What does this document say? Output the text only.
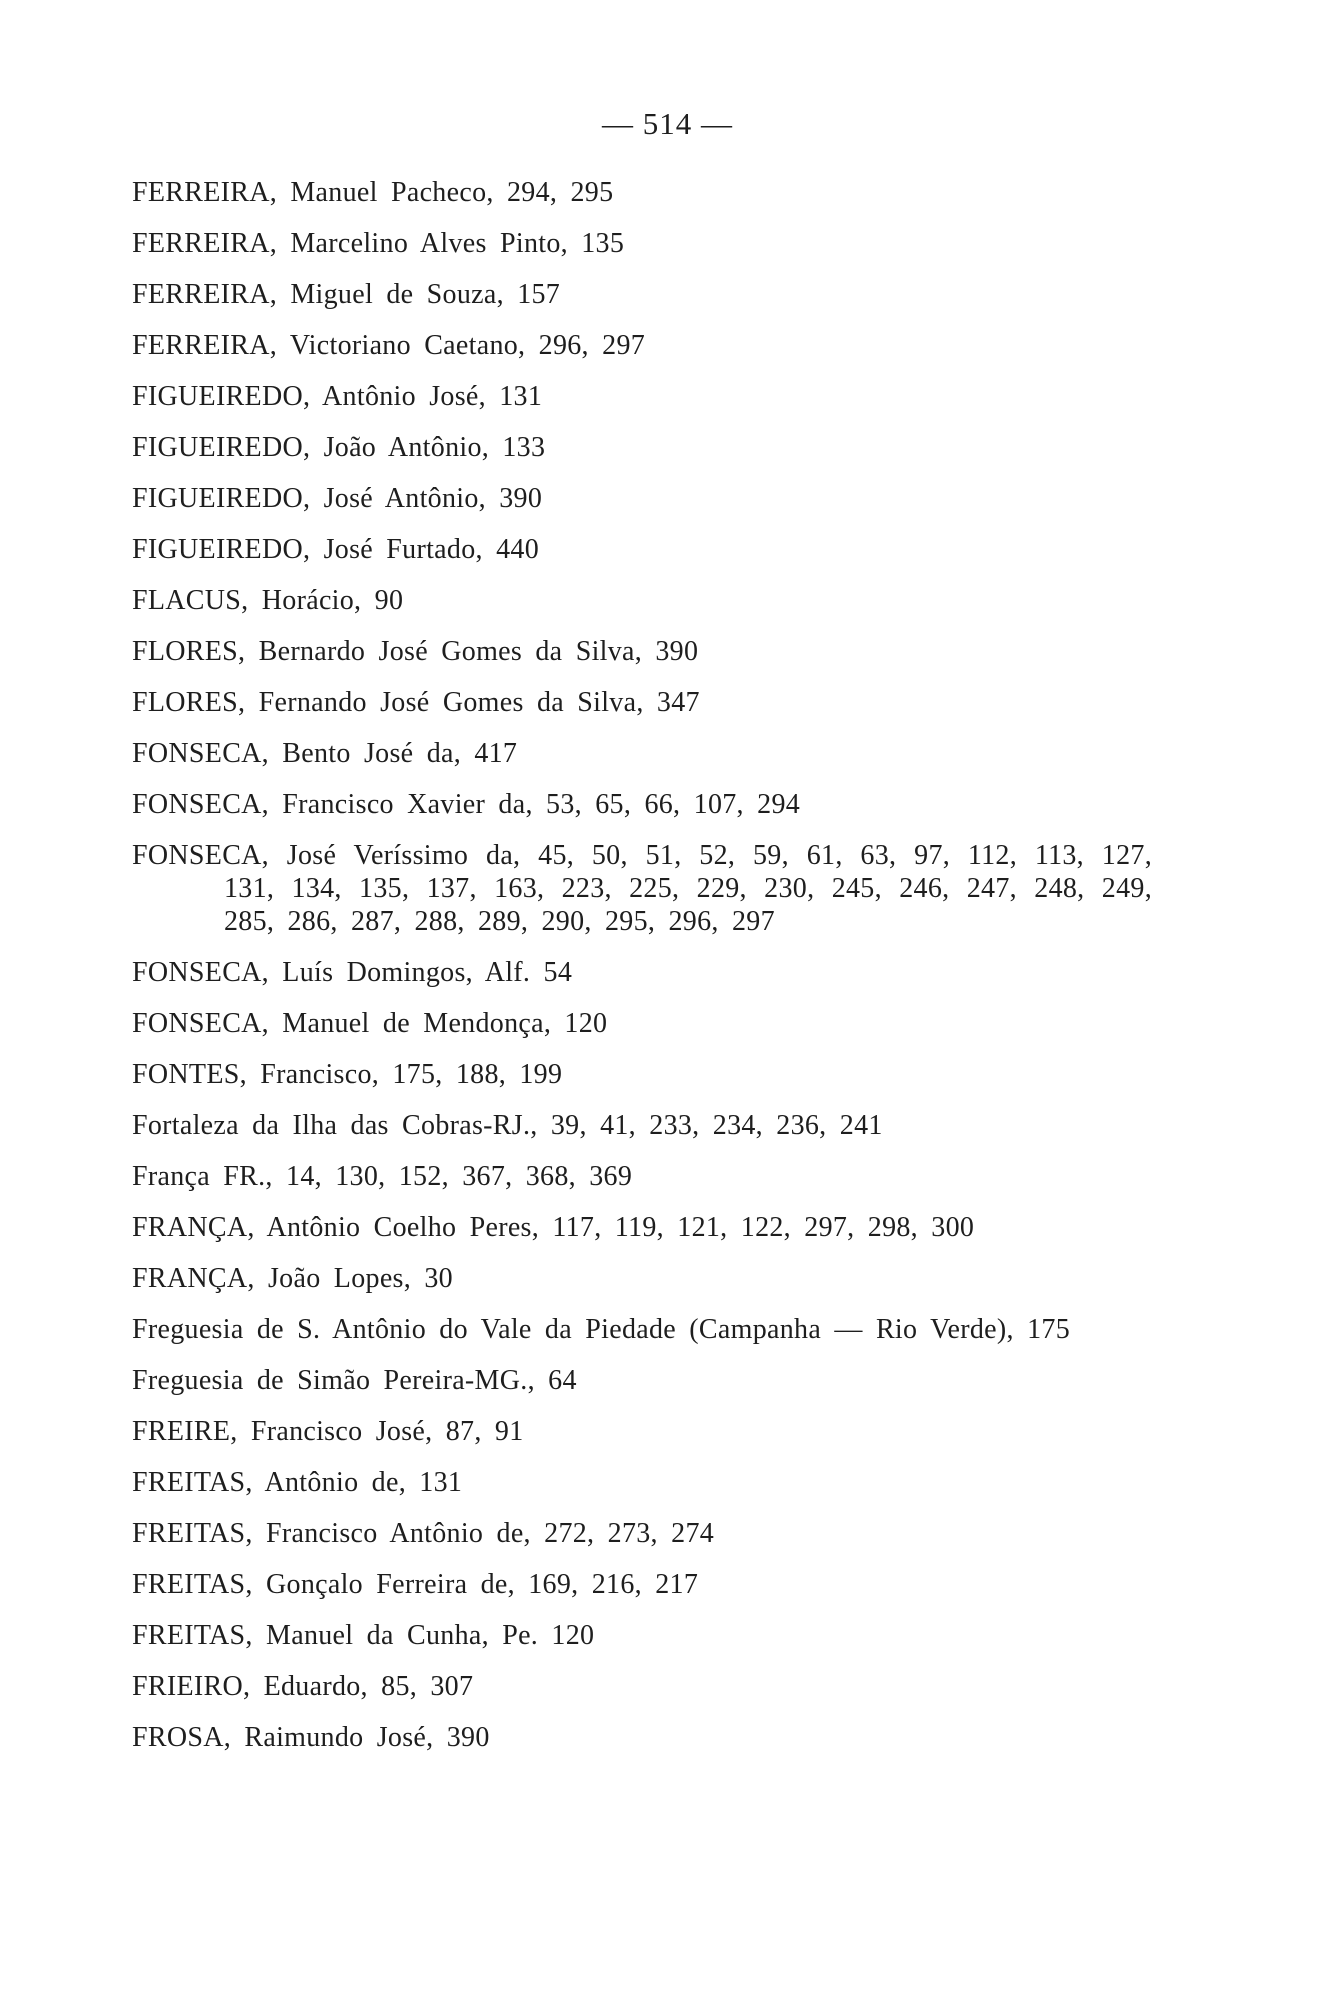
— 514 —
FERREIRA, Manuel Pacheco, 294, 295
FERREIRA, Marcelino Alves Pinto, 135
FERREIRA, Miguel de Souza, 157
FERREIRA, Victoriano Caetano, 296, 297
FIGUEIREDO, Antônio José, 131
FIGUEIREDO, João Antônio, 133
FIGUEIREDO, José Antônio, 390
FIGUEIREDO, José Furtado, 440
FLACUS, Horácio, 90
FLORES, Bernardo José Gomes da Silva, 390
FLORES, Fernando José Gomes da Silva, 347
FONSECA, Bento José da, 417
FONSECA, Francisco Xavier da, 53, 65, 66, 107, 294
FONSECA, José Veríssimo da, 45, 50, 51, 52, 59, 61, 63, 97, 112, 113, 127, 131, 134, 135, 137, 163, 223, 225, 229, 230, 245, 246, 247, 248, 249, 285, 286, 287, 288, 289, 290, 295, 296, 297
FONSECA, Luís Domingos, Alf. 54
FONSECA, Manuel de Mendonça, 120
FONTES, Francisco, 175, 188, 199
Fortaleza da Ilha das Cobras-RJ., 39, 41, 233, 234, 236, 241
França FR., 14, 130, 152, 367, 368, 369
FRANÇA, Antônio Coelho Peres, 117, 119, 121, 122, 297, 298, 300
FRANÇA, João Lopes, 30
Freguesia de S. Antônio do Vale da Piedade (Campanha — Rio Verde), 175
Freguesia de Simão Pereira-MG., 64
FREIRE, Francisco José, 87, 91
FREITAS, Antônio de, 131
FREITAS, Francisco Antônio de, 272, 273, 274
FREITAS, Gonçalo Ferreira de, 169, 216, 217
FREITAS, Manuel da Cunha, Pe. 120
FRIEIRO, Eduardo, 85, 307
FROSA, Raimundo José, 390
